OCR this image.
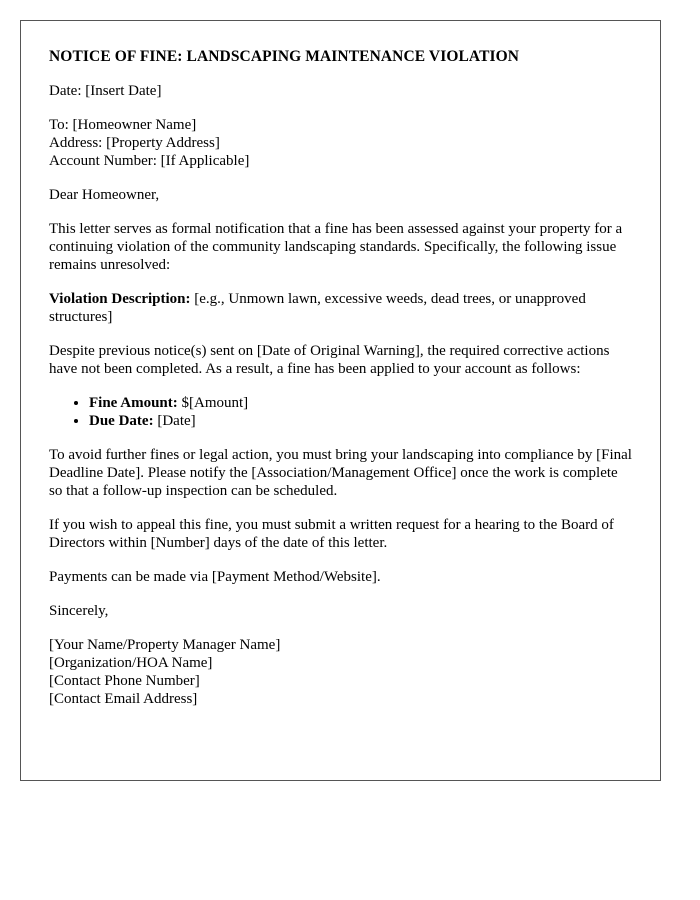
NOTICE OF FINE: LANDSCAPING MAINTENANCE VIOLATION
Date: [Insert Date]
To: [Homeowner Name]
Address: [Property Address]
Account Number: [If Applicable]
Dear Homeowner,
This letter serves as formal notification that a fine has been assessed against your property for a continuing violation of the community landscaping standards. Specifically, the following issue remains unresolved:
Violation Description: [e.g., Unmown lawn, excessive weeds, dead trees, or unapproved structures]
Despite previous notice(s) sent on [Date of Original Warning], the required corrective actions have not been completed. As a result, a fine has been applied to your account as follows:
• Fine Amount: $[Amount]
• Due Date: [Date]
To avoid further fines or legal action, you must bring your landscaping into compliance by [Final Deadline Date]. Please notify the [Association/Management Office] once the work is complete so that a follow-up inspection can be scheduled.
If you wish to appeal this fine, you must submit a written request for a hearing to the Board of Directors within [Number] days of the date of this letter.
Payments can be made via [Payment Method/Website].
Sincerely,
[Your Name/Property Manager Name]
[Organization/HOA Name]
[Contact Phone Number]
[Contact Email Address]
